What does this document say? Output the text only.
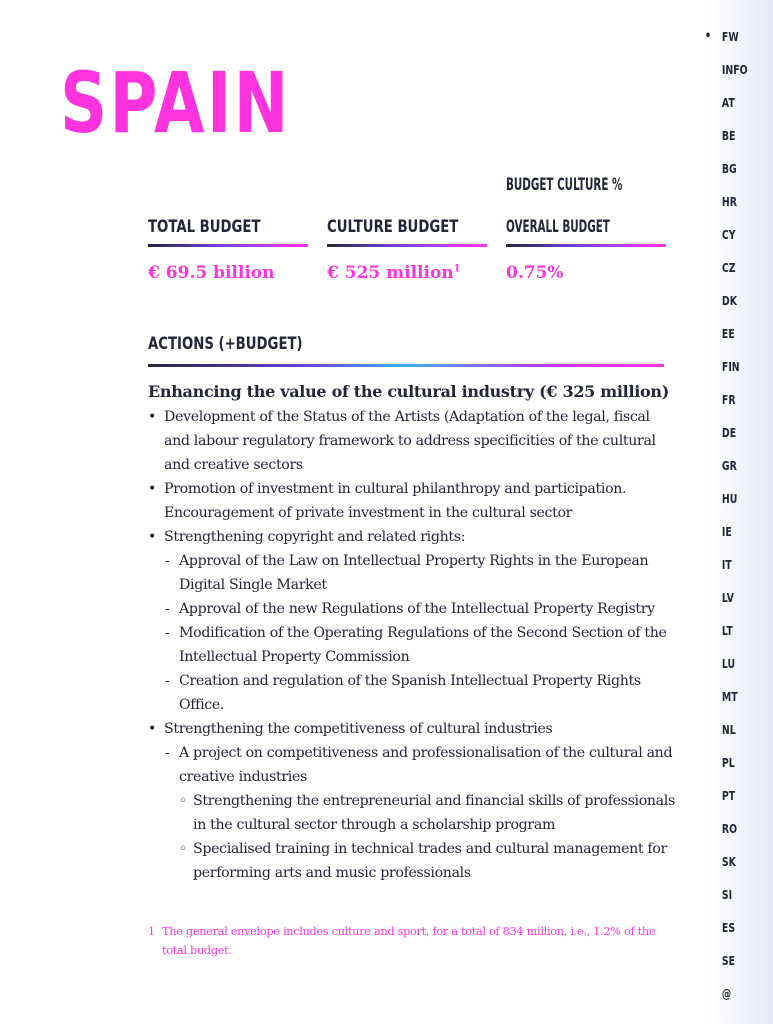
• FW
INFO
AT
BE
BG
HR
CY
CZ
DK
EE
FIN
FR
DE
GR
HU
IE
IT
LV
LT
LU
MT
NL
PL
PT
RO
SK
SI
ES
SE
@
SPAIN
TOTAL BUDGET
€ 69.5 billion
CULTURE BUDGET
€ 525 million$^1$
BUDGET CULTURE %

OVERALL BUDGET
0.75%
ACTIONS (+BUDGET)
Enhancing the value of the cultural industry (€ 325 million)
• Development of the Status of the Artists (Adaptation of the legal, fiscal and labour regulatory framework to address specificities of the cultural and creative sectors
• Promotion of investment in cultural philanthropy and participation. Encouragement of private investment in the cultural sector
• Strengthening copyright and related rights:
- Approval of the Law on Intellectual Property Rights in the European Digital Single Market
- Approval of the new Regulations of the Intellectual Property Registry
- Modification of the Operating Regulations of the Second Section of the Intellectual Property Commission
- Creation and regulation of the Spanish Intellectual Property Rights Office.
• Strengthening the competitiveness of cultural industries
- A project on competitiveness and professionalisation of the cultural and creative industries
◦ Strengthening the entrepreneurial and financial skills of professionals in the cultural sector through a scholarship program
◦ Specialised training in technical trades and cultural management for performing arts and music professionals
1 The general envelope includes culture and sport, for a total of 834 million, i.e., 1.2% of the total budget.
